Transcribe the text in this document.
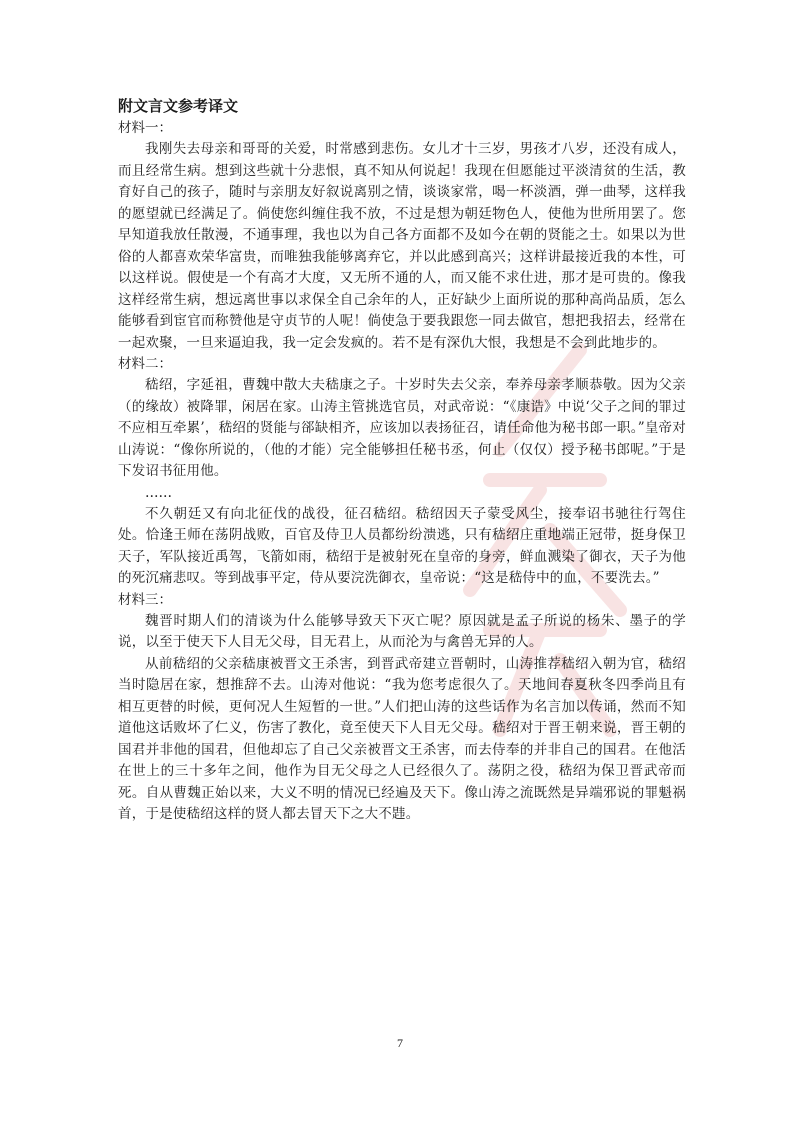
附文言文参考译文

材料一：

我刚失去母亲和哥哥的关爱，时常感到悲伤。女儿才十三岁，男孩才八岁，还没有成人，而且经常生病。想到这些就十分悲恨，真不知从何说起！我现在但愿能过平淡清贫的生活，教育好自己的孩子，随时与亲朋友好叙说离别之情，谈谈家常，喝一杯淡酒，弹一曲琴，这样我的愿望就已经满足了。倘使您纠缠住我不放，不过是想为朝廷物色人，使他为世所用罢了。您早知道我放任散漫，不通事理，我也以为自己各方面都不及如今在朝的贤能之士。如果以为世俗的人都喜欢荣华富贵，而唯独我能够离弃它，并以此感到高兴；这样讲最接近我的本性，可以这样说。假使是一个有高才大度，又无所不通的人，而又能不求仕进，那才是可贵的。像我这样经常生病，想远离世事以求保全自己余年的人，正好缺少上面所说的那种高尚品质，怎么能够看到宦官而称赞他是守贞节的人呢！倘使急于要我跟您一同去做官，想把我招去，经常在一起欢聚，一旦来逼迫我，我一定会发疯的。若不是有深仇大恨，我想是不会到此地步的。

材料二：

嵇绍，字延祖，曹魏中散大夫嵇康之子。十岁时失去父亲，奉养母亲孝顺恭敬。因为父亲（的缘故）被降罪，闲居在家。山涛主管挑选官员，对武帝说：“《康诰》中说‘父子之间的罪过不应相互牵累’，嵇绍的贤能与郤缺相齐，应该加以表扬征召，请任命他为秘书郎一职。”皇帝对山涛说：“像你所说的，（他的才能）完全能够担任秘书丞，何止（仅仅）授予秘书郎呢。”于是下发诏书征用他。

……

不久朝廷又有向北征伐的战役，征召嵇绍。嵇绍因天子蒙受风尘，接奉诏书驰往行驾住处。恰逢王师在荡阴战败，百官及侍卫人员都纷纷溃逃，只有嵇绍庄重地端正冠带，挺身保卫天子，军队接近禹驾，飞箭如雨，嵇绍于是被射死在皇帝的身旁，鲜血溅染了御衣，天子为他的死沉痛悲叹。等到战事平定，侍从要浣洗御衣，皇帝说：“这是嵇侍中的血，不要洗去。”

材料三：

魏晋时期人们的清谈为什么能够导致天下灭亡呢？原因就是孟子所说的杨朱、墨子的学说，以至于使天下人目无父母，目无君上，从而沦为与禽兽无异的人。

从前嵇绍的父亲嵇康被晋文王杀害，到晋武帝建立晋朝时，山涛推荐嵇绍入朝为官，嵇绍当时隐居在家，想推辞不去。山涛对他说：“我为您考虑很久了。天地间春夏秋冬四季尚且有相互更替的时候，更何况人生短暂的一世。”人们把山涛的这些话作为名言加以传诵，然而不知道他这话败坏了仁义，伤害了教化，竟至使天下人目无父母。嵇绍对于晋王朝来说，晋王朝的国君并非他的国君，但他却忘了自己父亲被晋文王杀害，而去侍奉的并非自己的国君。在他活在世上的三十多年之间，他作为目无父母之人已经很久了。荡阴之役，嵇绍为保卫晋武帝而死。自从曹魏正始以来，大义不明的情况已经遍及天下。像山涛之流既然是异端邪说的罪魁祸首，于是使嵇绍这样的贤人都去冒天下之大不韪。

7
